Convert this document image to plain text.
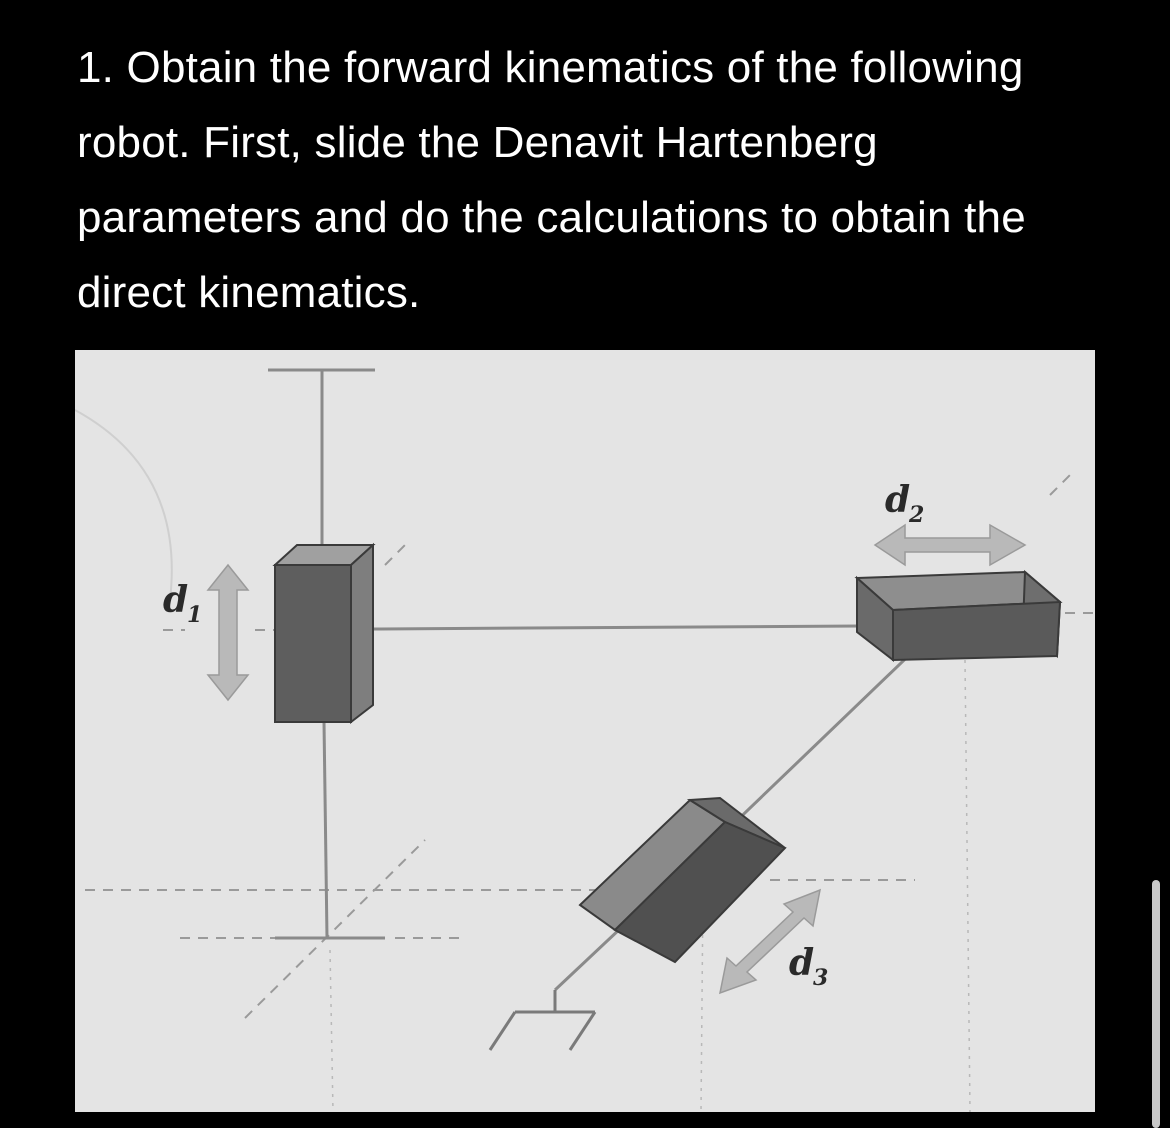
1. Obtain the forward kinematics of the following robot. First, slide the Denavit Hartenberg parameters and do the calculations to obtain the direct kinematics.

d
1
d
2
d
3
